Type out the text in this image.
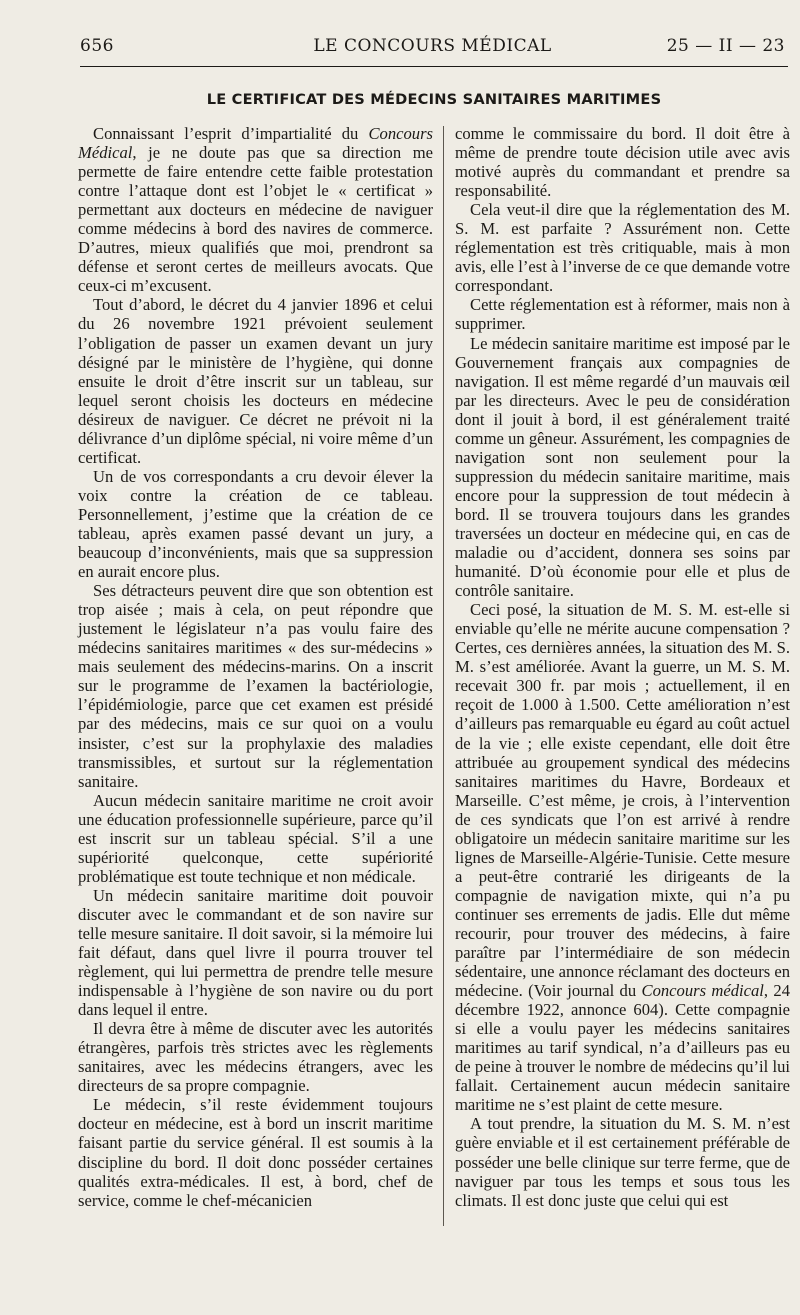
656	LE CONCOURS MÉDICAL	25 — II — 23
LE CERTIFICAT DES MÉDECINS SANITAIRES MARITIMES

Connaissant l’esprit d’impartialité du Concours Médical, je ne doute pas que sa direction me permette de faire entendre cette faible protestation contre l’attaque dont est l’objet le « certificat » permettant aux docteurs en médecine de naviguer comme médecins à bord des navires de commerce. D’autres, mieux qualifiés que moi, prendront sa défense et seront certes de meilleurs avocats. Que ceux-ci m’excusent.

Tout d’abord, le décret du 4 janvier 1896 et celui du 26 novembre 1921 prévoient seulement l’obligation de passer un examen devant un jury désigné par le ministère de l’hygiène, qui donne ensuite le droit d’être inscrit sur un tableau, sur lequel seront choisis les docteurs en médecine désireux de naviguer. Ce décret ne prévoit ni la délivrance d’un diplôme spécial, ni voire même d’un certificat.

Un de vos correspondants a cru devoir élever la voix contre la création de ce tableau. Personnellement, j’estime que la création de ce tableau, après examen passé devant un jury, a beaucoup d’inconvénients, mais que sa suppression en aurait encore plus.

Ses détracteurs peuvent dire que son obtention est trop aisée ; mais à cela, on peut répondre que justement le législateur n’a pas voulu faire des médecins sanitaires maritimes « des sur-médecins » mais seulement des médecins-marins. On a inscrit sur le programme de l’examen la bactériologie, l’épidémiologie, parce que cet examen est présidé par des médecins, mais ce sur quoi on a voulu insister, c’est sur la prophylaxie des maladies transmissibles, et surtout sur la réglementation sanitaire.

Aucun médecin sanitaire maritime ne croit avoir une éducation professionnelle supérieure, parce qu’il est inscrit sur un tableau spécial. S’il a une supériorité quelconque, cette supériorité problématique est toute technique et non médicale.

Un médecin sanitaire maritime doit pouvoir discuter avec le commandant et de son navire sur telle mesure sanitaire. Il doit savoir, si la mémoire lui fait défaut, dans quel livre il pourra trouver tel règlement, qui lui permettra de prendre telle mesure indispensable à l’hygiène de son navire ou du port dans lequel il entre.

Il devra être à même de discuter avec les autorités étrangères, parfois très strictes avec les règlements sanitaires, avec les médecins étrangers, avec les directeurs de sa propre compagnie.

Le médecin, s’il reste évidemment toujours docteur en médecine, est à bord un inscrit maritime faisant partie du service général. Il est soumis à la discipline du bord. Il doit donc posséder certaines qualités extra-médicales. Il est, à bord, chef de service, comme le chef-mécanicien

comme le commissaire du bord. Il doit être à même de prendre toute décision utile avec avis motivé auprès du commandant et prendre sa responsabilité.

Cela veut-il dire que la réglementation des M. S. M. est parfaite ? Assurément non. Cette réglementation est très critiquable, mais à mon avis, elle l’est à l’inverse de ce que demande votre correspondant.

Cette réglementation est à réformer, mais non à supprimer.

Le médecin sanitaire maritime est imposé par le Gouvernement français aux compagnies de navigation. Il est même regardé d’un mauvais œil par les directeurs. Avec le peu de considération dont il jouit à bord, il est généralement traité comme un gêneur. Assurément, les compagnies de navigation sont non seulement pour la suppression du médecin sanitaire maritime, mais encore pour la suppression de tout médecin à bord. Il se trouvera toujours dans les grandes traversées un docteur en médecine qui, en cas de maladie ou d’accident, donnera ses soins par humanité. D’où économie pour elle et plus de contrôle sanitaire.

Ceci posé, la situation de M. S. M. est-elle si enviable qu’elle ne mérite aucune compensation ? Certes, ces dernières années, la situation des M. S. M. s’est améliorée. Avant la guerre, un M. S. M. recevait 300 fr. par mois ; actuellement, il en reçoit de 1.000 à 1.500. Cette amélioration n’est d’ailleurs pas remarquable eu égard au coût actuel de la vie ; elle existe cependant, elle doit être attribuée au groupement syndical des médecins sanitaires maritimes du Havre, Bordeaux et Marseille. C’est même, je crois, à l’intervention de ces syndicats que l’on est arrivé à rendre obligatoire un médecin sanitaire maritime sur les lignes de Marseille-Algérie-Tunisie. Cette mesure a peut-être contrarié les dirigeants de la compagnie de navigation mixte, qui n’a pu continuer ses errements de jadis. Elle dut même recourir, pour trouver des médecins, à faire paraître par l’intermédiaire de son médecin sédentaire, une annonce réclamant des docteurs en médecine. (Voir journal du Concours médical, 24 décembre 1922, annonce 604). Cette compagnie si elle a voulu payer les médecins sanitaires maritimes au tarif syndical, n’a d’ailleurs pas eu de peine à trouver le nombre de médecins qu’il lui fallait. Certainement aucun médecin sanitaire maritime ne s’est plaint de cette mesure.

A tout prendre, la situation du M. S. M. n’est guère enviable et il est certainement préférable de posséder une belle clinique sur terre ferme, que de naviguer par tous les temps et sous tous les climats. Il est donc juste que celui qui est
